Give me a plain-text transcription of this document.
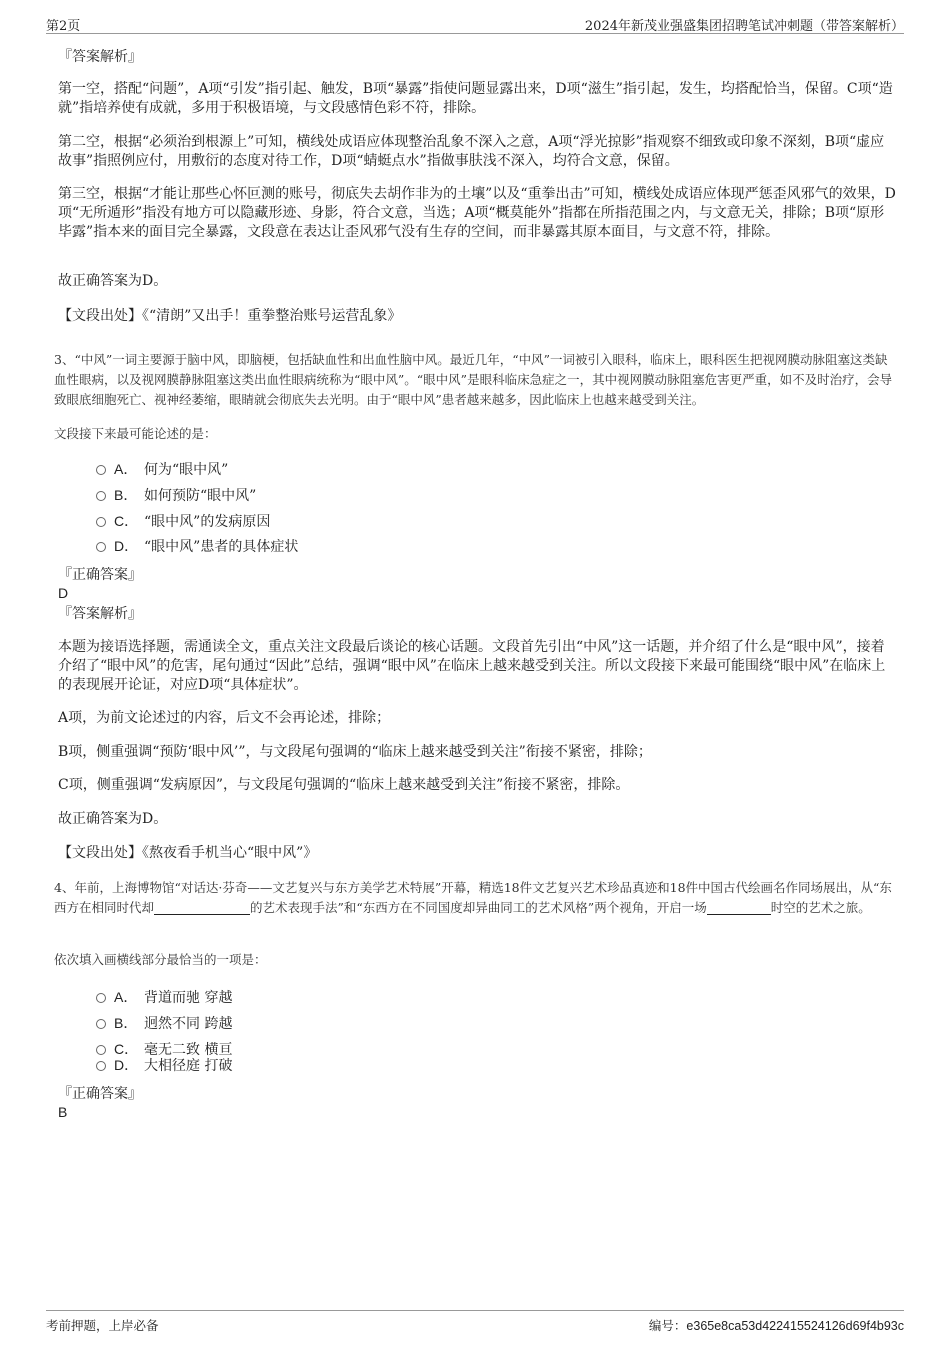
第2页	2024年新茂业强盛集团招聘笔试冲刺题（带答案解析）
『答案解析』
第一空，搭配“问题”，A项“引发”指引起、触发，B项“暴露”指使问题显露出来，D项“滋生”指引起，发生，均搭配恰当，保留。C项“造就”指培养使有成就，多用于积极语境，与文段感情色彩不符，排除。
第二空，根据“必须治到根源上”可知，横线处成语应体现整治乱象不深入之意，A项“浮光掠影”指观察不细致或印象不深刻，B项“虚应故事”指照例应付，用敷衍的态度对待工作，D项“蜻蜓点水”指做事肤浅不深入，均符合文意，保留。
第三空，根据“才能让那些心怀叵测的账号，彻底失去胡作非为的土壤”以及“重拳出击”可知，横线处成语应体现严惩歪风邪气的效果，D项“无所遁形”指没有地方可以隐藏形迹、身影，符合文意，当选；A项“概莫能外”指都在所指范围之内，与文意无关，排除；B项“原形毕露”指本来的面目完全暴露，文段意在表达让歪风邪气没有生存的空间，而非暴露其原本面目，与文意不符，排除。
故正确答案为D。
【文段出处】《“清朗”又出手！重拳整治账号运营乱象》
3、“中风”一词主要源于脑中风，即脑梗，包括缺血性和出血性脑中风。最近几年，“中风”一词被引入眼科，临床上，眼科医生把视网膜动脉阻塞这类缺血性眼病，以及视网膜静脉阻塞这类出血性眼病统称为“眼中风”。“眼中风”是眼科临床急症之一，其中视网膜动脉阻塞危害更严重，如不及时治疗，会导致眼底细胞死亡、视神经萎缩，眼睛就会彻底失去光明。由于“眼中风”患者越来越多，因此临床上也越来越受到关注。
文段接下来最可能论述的是：
A． 何为“眼中风”
B． 如何预防“眼中风”
C． “眼中风”的发病原因
D． “眼中风”患者的具体症状
『正确答案』
D
『答案解析』
本题为接语选择题，需通读全文，重点关注文段最后谈论的核心话题。文段首先引出“中风”这一话题，并介绍了什么是“眼中风”，接着介绍了“眼中风”的危害，尾句通过“因此”总结，强调“眼中风”在临床上越来越受到关注。所以文段接下来最可能围绕“眼中风”在临床上的表现展开论证，对应D项“具体症状”。
A项，为前文论述过的内容，后文不会再论述，排除；
B项，侧重强调“预防‘眼中风’”，与文段尾句强调的“临床上越来越受到关注”衔接不紧密，排除；
C项，侧重强调“发病原因”，与文段尾句强调的“临床上越来越受到关注”衔接不紧密，排除。
故正确答案为D。
【文段出处】《熬夜看手机当心“眼中风”》
4、年前，上海博物馆“对话达·芬奇——文艺复兴与东方美学艺术特展”开幕，精选18件文艺复兴艺术珍品真迹和18件中国古代绘画名作同场展出，从“东西方在相同时代却	的艺术表现手法”和“东西方在不同国度却异曲同工的艺术风格”两个视角，开启一场	时空的艺术之旅。
依次填入画横线部分最恰当的一项是：
A． 背道而驰 穿越
B． 迥然不同 跨越
C． 毫无二致 横亘
D． 大相径庭 打破
『正确答案』
B
考前押题，上岸必备	编号：e365e8ca53d422415524126d69f4b93c
